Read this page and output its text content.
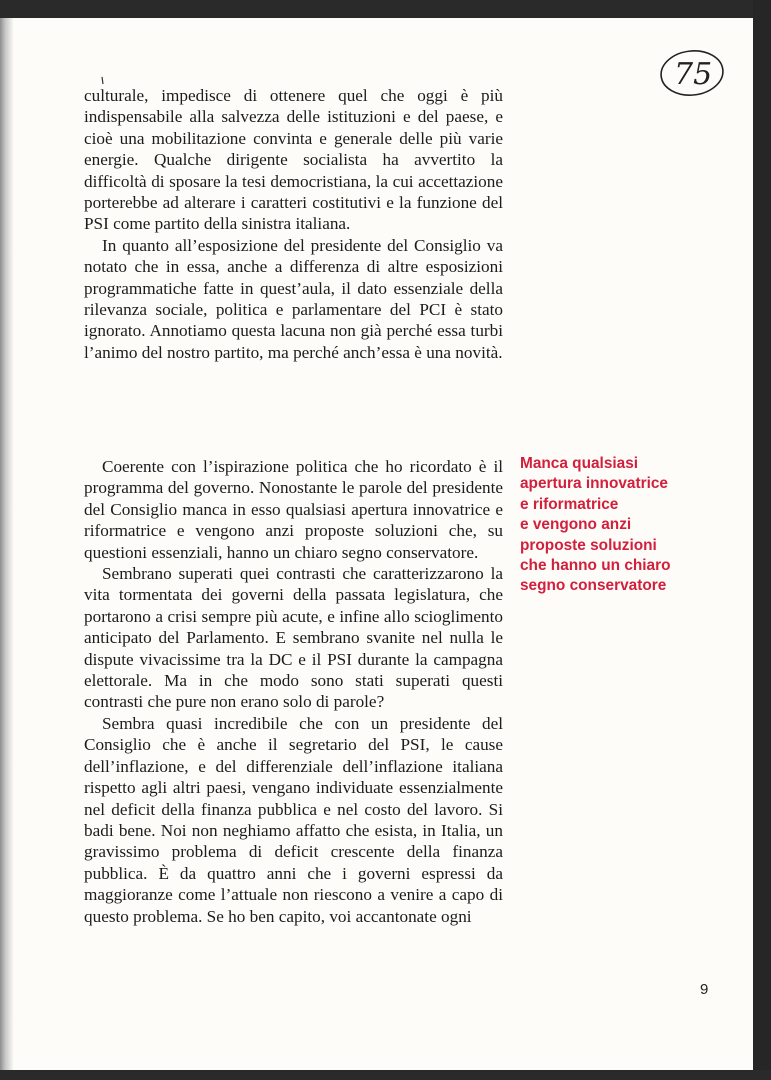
75

culturale, impedisce di ottenere quel che oggi è più indispensabile alla salvezza delle istituzioni e del paese, e cioè una mobilitazione convinta e generale delle più varie energie. Qualche dirigente socialista ha avvertito la difficoltà di sposare la tesi democristiana, la cui accettazione porterebbe ad alterare i caratteri costitutivi e la funzione del PSI come partito della sinistra italiana.

In quanto all’esposizione del presidente del Consiglio va notato che in essa, anche a differenza di altre esposizioni programmatiche fatte in quest’aula, il dato essenziale della rilevanza sociale, politica e parlamentare del PCI è stato ignorato. Annotiamo questa lacuna non già perché essa turbi l’animo del nostro partito, ma perché anch’essa è una novità.

Coerente con l’ispirazione politica che ho ricordato è il programma del governo. Nonostante le parole del presidente del Consiglio manca in esso qualsiasi apertura innovatrice e riformatrice e vengono anzi proposte soluzioni che, su questioni essenziali, hanno un chiaro segno conservatore.

Sembrano superati quei contrasti che caratterizzarono la vita tormentata dei governi della passata legislatura, che portarono a crisi sempre più acute, e infine allo scioglimento anticipato del Parlamento. E sembrano svanite nel nulla le dispute vivacissime tra la DC e il PSI durante la campagna elettorale. Ma in che modo sono stati superati questi contrasti che pure non erano solo di parole?

Sembra quasi incredibile che con un presidente del Consiglio che è anche il segretario del PSI, le cause dell’inflazione, e del differenziale dell’inflazione italiana rispetto agli altri paesi, vengano individuate essenzialmente nel deficit della finanza pubblica e nel costo del lavoro. Si badi bene. Noi non neghiamo affatto che esista, in Italia, un gravissimo problema di deficit crescente della finanza pubblica. È da quattro anni che i governi espressi da maggioranze come l’attuale non riescono a venire a capo di questo problema. Se ho ben capito, voi accantonate ogni

Manca qualsiasi
apertura innovatrice
e riformatrice
e vengono anzi
proposte soluzioni
che hanno un chiaro
segno conservatore
9
